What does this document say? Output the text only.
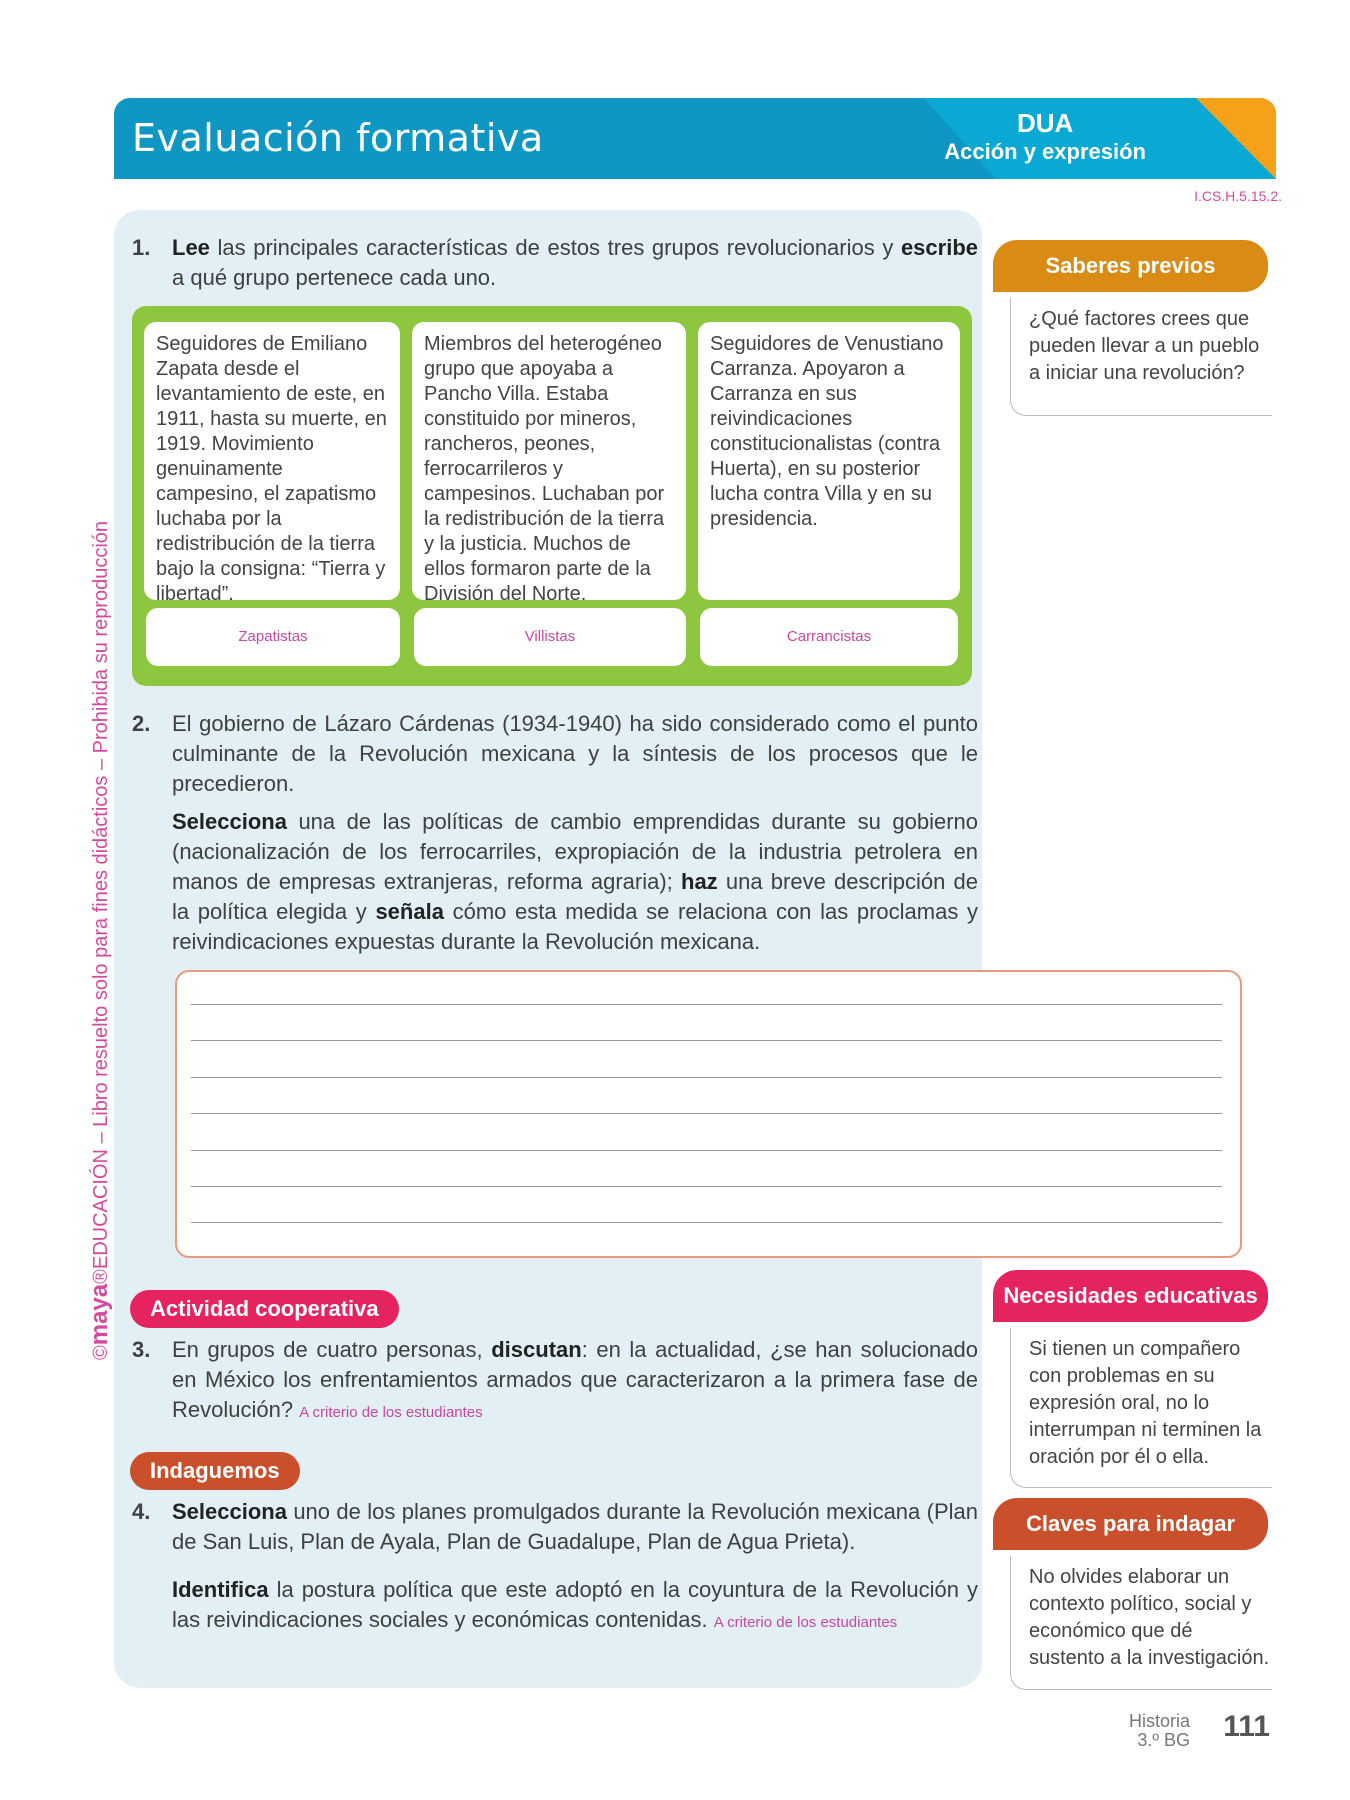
Evaluación formativa	DUA
Acción y expresión
I.CS.H.5.15.2.
©maya®EDUCACIÓN – Libro resuelto solo para fines didácticos – Prohibida su reproducción
1. Lee las principales características de estos tres grupos revolucionarios y escribe a qué grupo pertenece cada uno.
Seguidores de Emiliano Zapata desde el levantamiento de este, en 1911, hasta su muerte, en 1919. Movimiento genuinamente campesino, el zapatismo luchaba por la redistribución de la tierra bajo la consigna: “Tierra y libertad”.
Miembros del heterogéneo grupo que apoyaba a Pancho Villa. Estaba constituido por mineros, rancheros, peones, ferrocarrileros y campesinos. Luchaban por la redistribución de la tierra y la justicia. Muchos de ellos formaron parte de la División del Norte.
Seguidores de Venustiano Carranza. Apoyaron a Carranza en sus reivindicaciones constitucionalistas (contra Huerta), en su posterior lucha contra Villa y en su presidencia.
Zapatistas	Villistas	Carrancistas
2. El gobierno de Lázaro Cárdenas (1934-1940) ha sido considerado como el punto culminante de la Revolución mexicana y la síntesis de los procesos que le precedieron.
Selecciona una de las políticas de cambio emprendidas durante su gobierno (nacionalización de los ferrocarriles, expropiación de la industria petrolera en manos de empresas extranjeras, reforma agraria); haz una breve descripción de la política elegida y señala cómo esta medida se relaciona con las proclamas y reivindicaciones expuestas durante la Revolución mexicana.
Actividad cooperativa
3. En grupos de cuatro personas, discutan: en la actualidad, ¿se han solucionado en México los enfrentamientos armados que caracterizaron a la primera fase de Revolución? A criterio de los estudiantes
Indaguemos
4. Selecciona uno de los planes promulgados durante la Revolución mexicana (Plan de San Luis, Plan de Ayala, Plan de Guadalupe, Plan de Agua Prieta).
Identifica la postura política que este adoptó en la coyuntura de la Revolución y las reivindicaciones sociales y económicas contenidas. A criterio de los estudiantes
Saberes previos
¿Qué factores crees que pueden llevar a un pueblo a iniciar una revolución?
Necesidades educativas
Si tienen un compañero con problemas en su expresión oral, no lo interrumpan ni terminen la oración por él o ella.
Claves para indagar
No olvides elaborar un contexto político, social y económico que dé sustento a la investigación.
Historia
3.º BG 111
